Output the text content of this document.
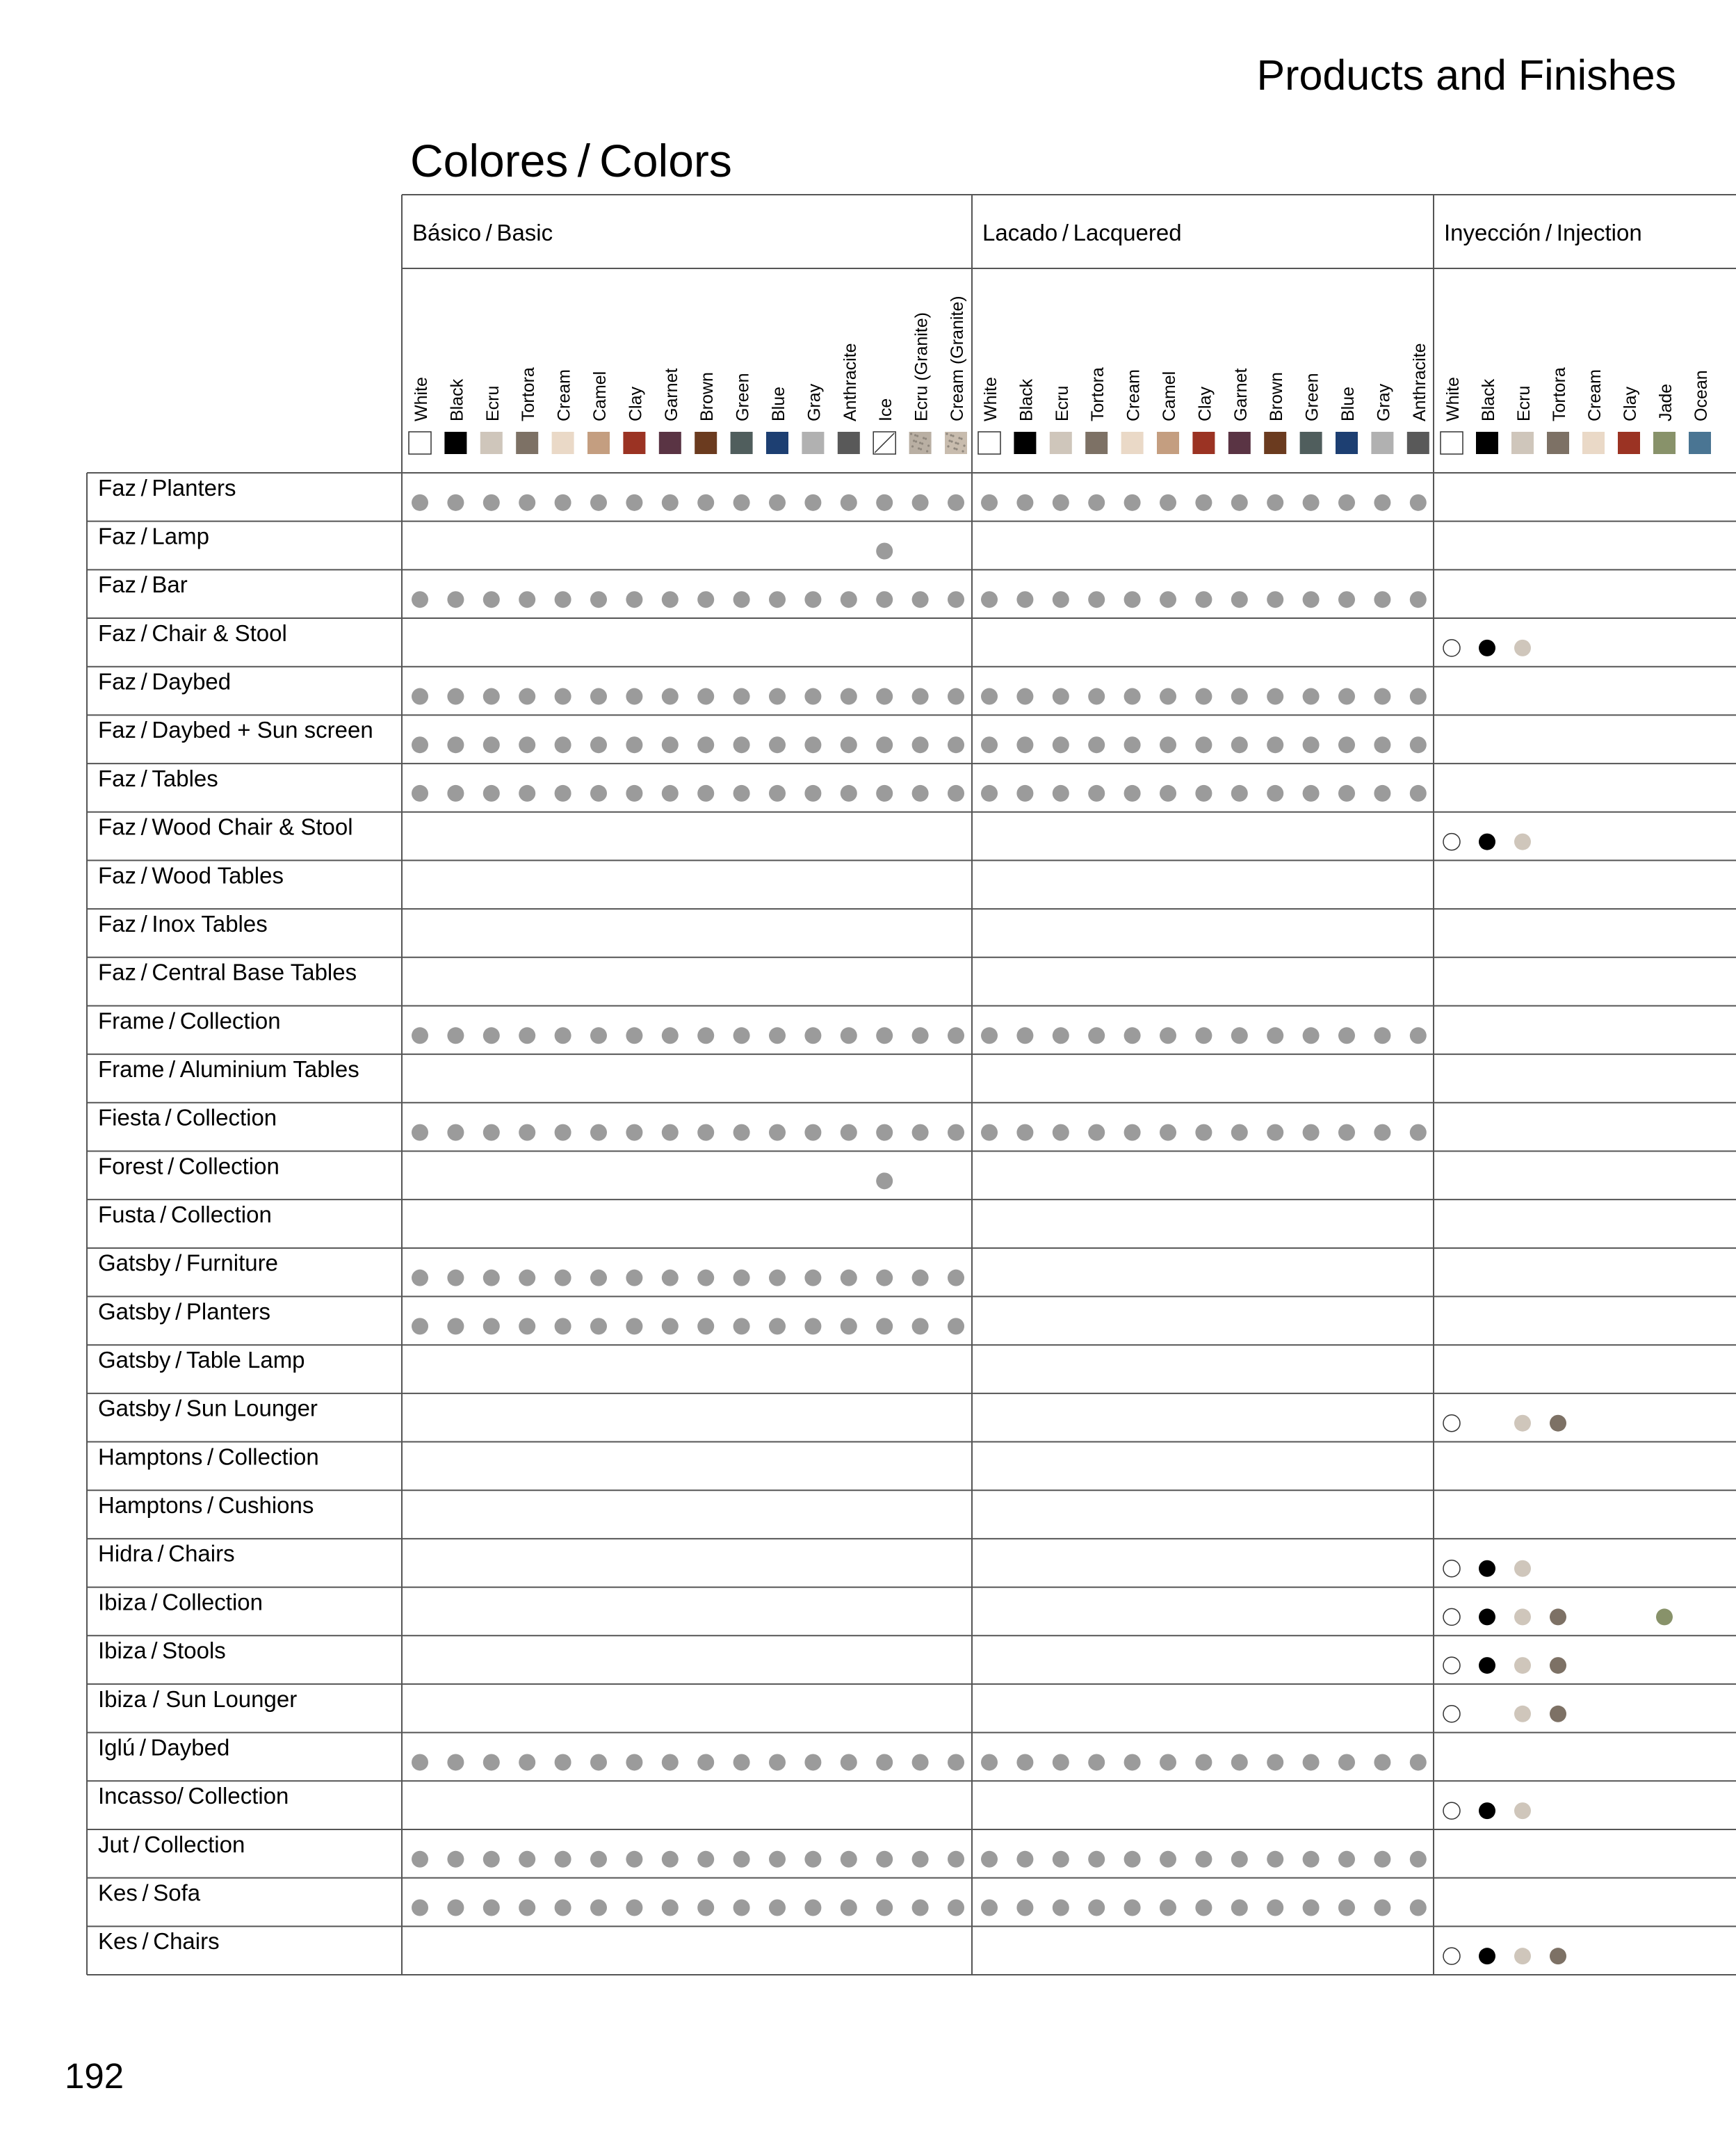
Products and Finishes
Colores / Colors
192
Básico / Basic
White Black Ecru Tortora Cream Camel Clay Garnet Brown Green Blue Gray Anthracite Ice Ecru (Granite) Cream (Granite)
Lacado / Lacquered
White Black Ecru Tortora Cream Camel Clay Garnet Brown Green Blue Gray Anthracite
Inyección / Injection
White Black Ecru Tortora Cream Clay Jade Ocean
Faz / Planters
Faz / Lamp
Faz / Bar
Faz / Chair & Stool
Faz / Daybed
Faz / Daybed + Sun screen
Faz / Tables
Faz / Wood Chair & Stool
Faz / Wood Tables
Faz / Inox Tables
Faz / Central Base Tables
Frame / Collection
Frame / Aluminium Tables
Fiesta / Collection
Forest / Collection
Fusta / Collection
Gatsby / Furniture
Gatsby / Planters
Gatsby / Table Lamp
Gatsby / Sun Lounger
Hamptons / Collection
Hamptons / Cushions
Hidra / Chairs
Ibiza / Collection
Ibiza / Stools
Ibiza / Sun Lounger
Iglú / Daybed
Incasso/ Collection
Jut / Collection
Kes / Sofa
Kes / Chairs
